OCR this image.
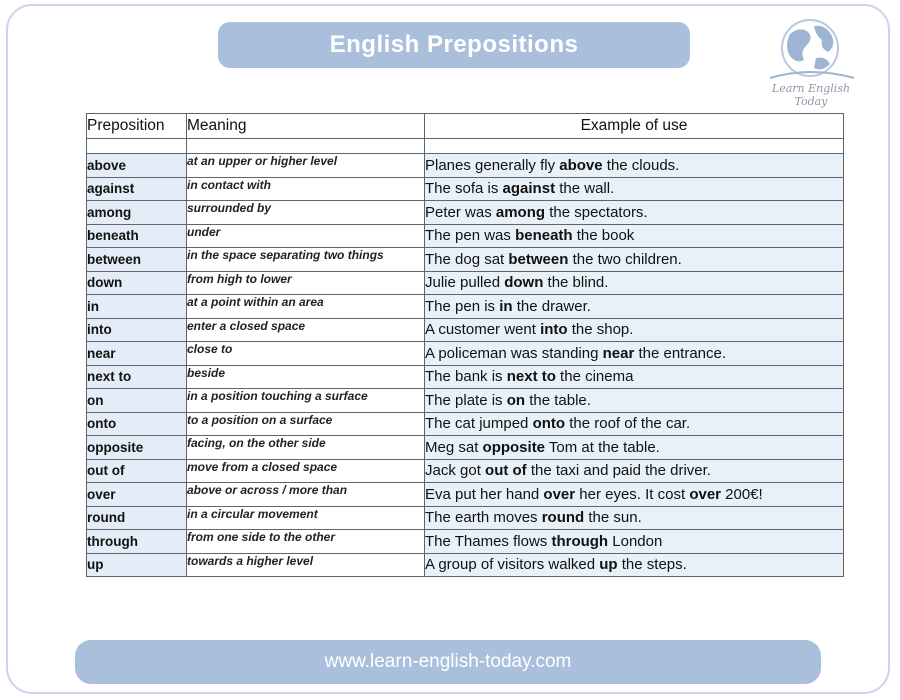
English Prepositions
Learn English Today
Preposition	Meaning	Example of use

above	at an upper or higher level	Planes generally fly above the clouds.
against	in contact with	The sofa is against the wall.
among	surrounded by	Peter was among the spectators.
beneath	under	The pen was beneath the book
between	in the space separating two things	The dog sat between the two children.
down	from high to lower	Julie pulled down the blind.
in	at a point within an area	The pen is in the drawer.
into	enter a closed space	A customer went into the shop.
near	close to	A policeman was standing near the entrance.
next to	beside	The bank is next to the cinema
on	in a position touching a surface	The plate is on the table.
onto	to a position on a surface	The cat jumped onto the roof of the car.
opposite	facing, on the other side	Meg sat opposite Tom at the table.
out of	move from a closed space	Jack got out of the taxi and paid the driver.
over	above or across / more than	Eva put her hand over her eyes. It cost over 200€!
round	in a circular movement	The earth moves round the sun.
through	from one side to the other	The Thames flows through London
up	towards a higher level	A group of visitors walked up the steps.
www.learn-english-today.com
